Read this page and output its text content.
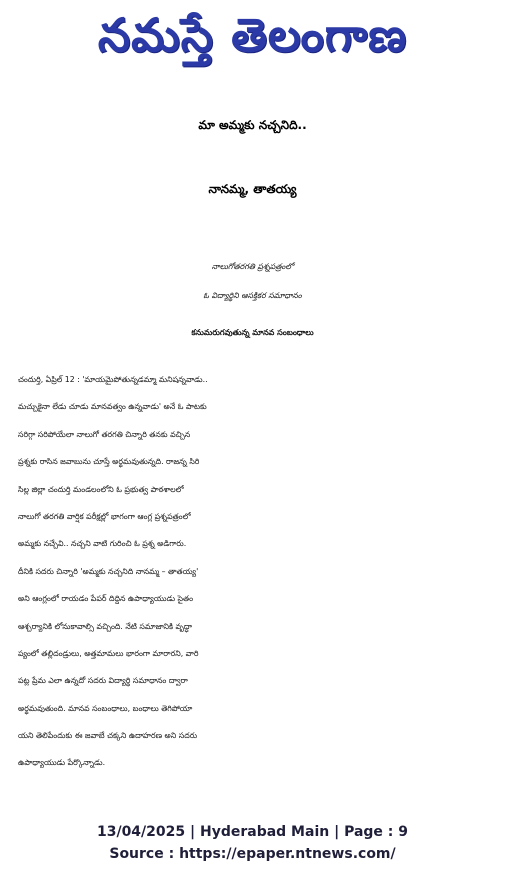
నమస్తే తెలంగాణ
మా అమ్మకు నచ్చనిది..
నానమ్మ, తాతయ్య
నాలుగోతరగతి ప్రశ్నపత్రంలో
ఓ విద్యార్థిని ఆసక్తికర సమాధానం
కనుమరుగవుతున్న మానవ సంబంధాలు
చందుర్తి, ఏప్రిల్ 12 : 'మాయమైపోతున్నడమ్మా మనిషన్నవాడు..
మచ్చుకైనా లేడు చూడు మానవత్వం ఉన్నవాడు' అనే ఓ పాటకు
సరిగ్గా సరిపోయేలా నాలుగో తరగతి చిన్నారి తనకు వచ్చిన
ప్రశ్నకు రాసిన జవాబును చూస్తే అర్థమవుతున్నది. రాజన్న సిరి
సిల్ల జిల్లా చందుర్తి మండలంలోని ఓ ప్రభుత్వ పాఠశాలలో
నాలుగో తరగతి వార్షిక పరీక్షల్లో భాగంగా ఆంగ్ల ప్రశ్నపత్రంలో
అమ్మకు నచ్చేవి.. నచ్చని వాటి గురించి ఓ ప్రశ్న అడిగారు.
దీనికి సదరు చిన్నారి 'అమ్మకు నచ్చనిది నానమ్మ – తాతయ్య'
అని ఆంగ్లంలో రాయడం పేపర్ దిద్దిన ఉపాధ్యాయుడు సైతం
ఆశ్చర్యానికి లోనుకావాల్సి వచ్చింది. నేటి సమాజానికి వృద్ధా
ప్యంలో తల్లిదండ్రులు, అత్తమామలు భారంగా మారారని, వారి
పట్ల ప్రేమ ఎలా ఉన్నదో సదరు విద్యార్థి సమాధానం ద్వారా
అర్థమవుతుంది. మానవ సంబంధాలు, బంధాలు తెగిపోయా
యని తెలిపేందుకు ఈ జవాబే చక్కని ఉదాహరణ అని సదరు
ఉపాధ్యాయుడు పేర్కొన్నాడు.
13/04/2025 | Hyderabad Main | Page : 9
Source : https://epaper.ntnews.com/
